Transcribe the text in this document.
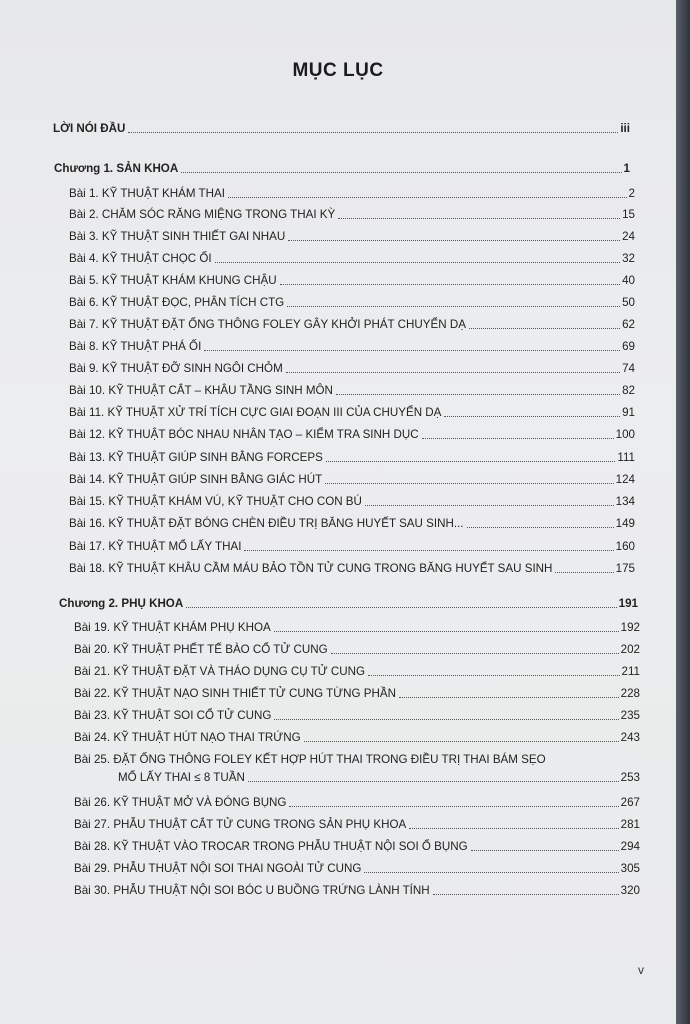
MỤC LỤC
LỜI NÓI ĐẦU	iii
Chương 1. SẢN KHOA	1
Bài 1. KỸ THUẬT KHÁM THAI	2
Bài 2. CHĂM SÓC RĂNG MIỆNG TRONG THAI KỲ	15
Bài 3. KỸ THUẬT SINH THIẾT GAI NHAU	24
Bài 4. KỸ THUẬT CHỌC ỐI	32
Bài 5. KỸ THUẬT KHÁM KHUNG CHẬU	40
Bài 6. KỸ THUẬT ĐỌC, PHÂN TÍCH CTG	50
Bài 7. KỸ THUẬT ĐẶT ỐNG THÔNG FOLEY GÂY KHỞI PHÁT CHUYỂN DẠ	62
Bài 8. KỸ THUẬT PHÁ ỐI	69
Bài 9. KỸ THUẬT ĐỠ SINH NGÔI CHỎM	74
Bài 10. KỸ THUẬT CẮT – KHÂU TẦNG SINH MÔN	82
Bài 11. KỸ THUẬT XỬ TRÍ TÍCH CỰC GIAI ĐOẠN III CỦA CHUYỂN DẠ	91
Bài 12. KỸ THUẬT BÓC NHAU NHÂN TẠO – KIỂM TRA SINH DỤC	100
Bài 13. KỸ THUẬT GIÚP SINH BẰNG FORCEPS	111
Bài 14. KỸ THUẬT GIÚP SINH BẰNG GIÁC HÚT	124
Bài 15. KỸ THUẬT KHÁM VÚ, KỸ THUẬT CHO CON BÚ	134
Bài 16. KỸ THUẬT ĐẶT BÓNG CHÈN ĐIỀU TRỊ BĂNG HUYẾT SAU SINH...	149
Bài 17. KỸ THUẬT MỔ LẤY THAI	160
Bài 18. KỸ THUẬT KHÂU CẦM MÁU BẢO TỒN TỬ CUNG TRONG BĂNG HUYẾT SAU SINH	175
Chương 2. PHỤ KHOA	191
Bài 19. KỸ THUẬT KHÁM PHỤ KHOA	192
Bài 20. KỸ THUẬT PHẾT TẾ BÀO CỔ TỬ CUNG	202
Bài 21. KỸ THUẬT ĐẶT VÀ THÁO DỤNG CỤ TỬ CUNG	211
Bài 22. KỸ THUẬT NẠO SINH THIẾT TỬ CUNG TỪNG PHẦN	228
Bài 23. KỸ THUẬT SOI CỔ TỬ CUNG	235
Bài 24. KỸ THUẬT HÚT NẠO THAI TRỨNG	243
Bài 25. ĐẶT ỐNG THÔNG FOLEY KẾT HỢP HÚT THAI TRONG ĐIỀU TRỊ THAI BÁM SẸO
MỔ LẤY THAI ≤ 8 TUẦN	253
Bài 26. KỸ THUẬT MỞ VÀ ĐÓNG BỤNG	267
Bài 27. PHẪU THUẬT CẮT TỬ CUNG TRONG SẢN PHỤ KHOA	281
Bài 28. KỸ THUẬT VÀO TROCAR TRONG PHẪU THUẬT NỘI SOI Ổ BỤNG	294
Bài 29. PHẪU THUẬT NỘI SOI THAI NGOÀI TỬ CUNG	305
Bài 30. PHẪU THUẬT NỘI SOI BÓC U BUỒNG TRỨNG LÀNH TÍNH	320
v
